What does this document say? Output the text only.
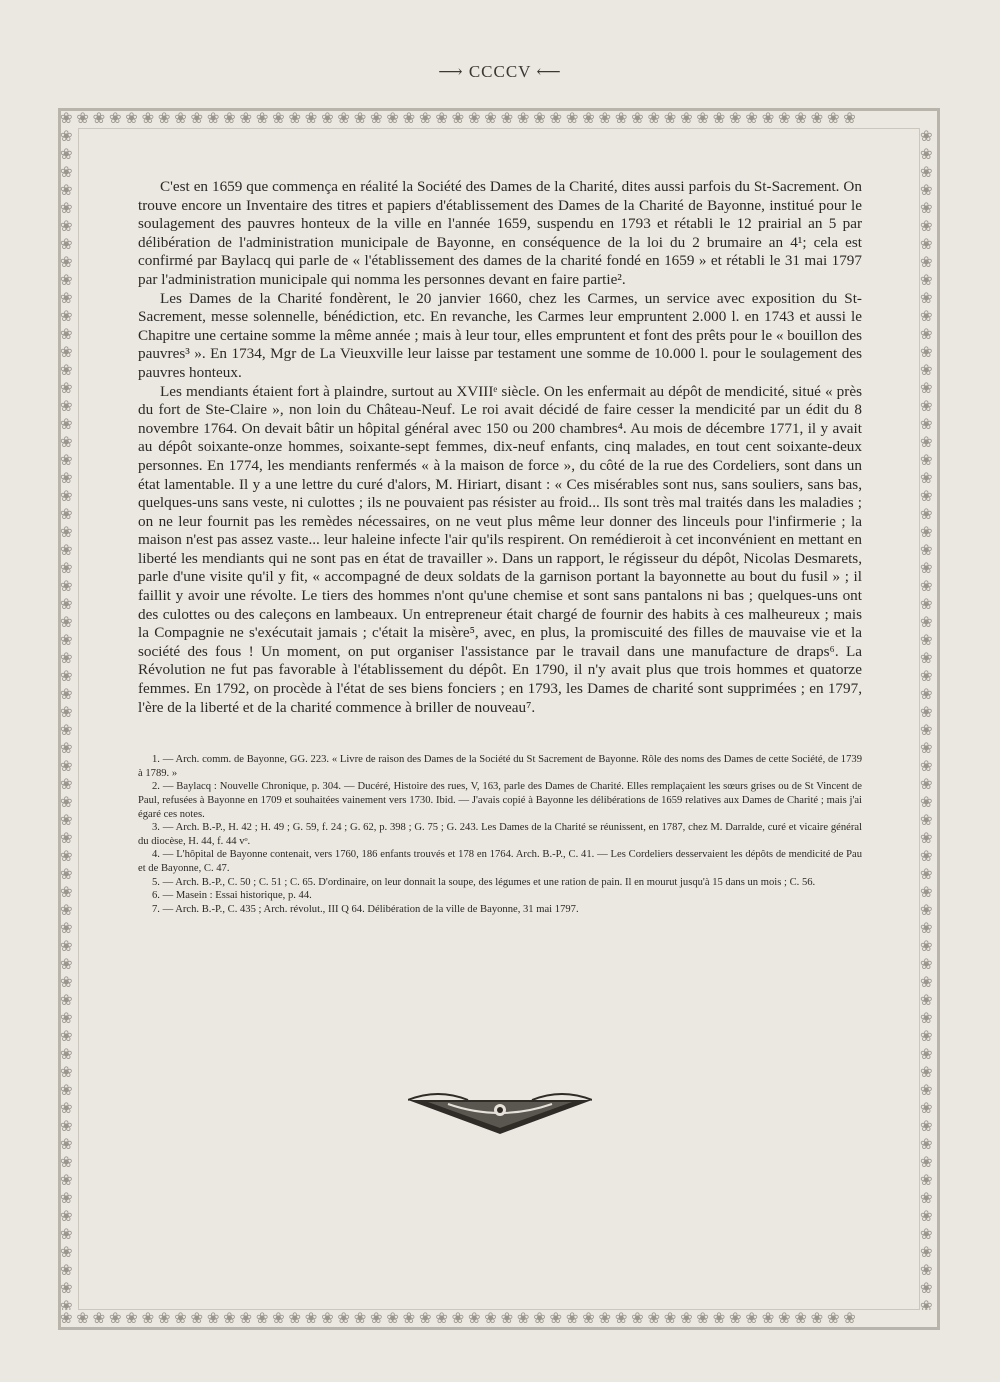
⟶ CCCCV ⟵
❀ ❀ ❀ ❀ ❀ ❀ ❀ ❀ ❀ ❀ ❀ ❀ ❀ ❀ ❀ ❀ ❀ ❀ ❀ ❀ ❀ ❀ ❀ ❀ ❀ ❀ ❀ ❀ ❀ ❀ ❀ ❀ ❀ ❀ ❀ ❀ ❀ ❀ ❀ ❀ ❀ ❀ ❀ ❀ ❀ ❀ ❀ ❀ ❀
❀ ❀ ❀ ❀ ❀ ❀ ❀ ❀ ❀ ❀ ❀ ❀ ❀ ❀ ❀ ❀ ❀ ❀ ❀ ❀ ❀ ❀ ❀ ❀ ❀ ❀ ❀ ❀ ❀ ❀ ❀ ❀ ❀ ❀ ❀ ❀ ❀ ❀ ❀ ❀ ❀ ❀ ❀ ❀ ❀ ❀ ❀ ❀ ❀
❀❀❀❀❀❀❀❀❀❀❀❀❀❀❀❀❀❀❀❀❀❀❀❀❀❀❀❀❀❀❀❀❀❀❀❀❀❀❀❀❀❀❀❀❀❀❀❀❀❀❀❀❀❀❀❀❀❀❀❀❀❀❀❀❀❀
❀❀❀❀❀❀❀❀❀❀❀❀❀❀❀❀❀❀❀❀❀❀❀❀❀❀❀❀❀❀❀❀❀❀❀❀❀❀❀❀❀❀❀❀❀❀❀❀❀❀❀❀❀❀❀❀❀❀❀❀❀❀❀❀❀❀

C'est en 1659 que commença en réalité la Société des Dames de la Charité, dites aussi parfois du St-Sacrement. On trouve encore un Inventaire des titres et papiers d'établissement des Dames de la Charité de Bayonne, institué pour le soulagement des pauvres honteux de la ville en l'année 1659, suspendu en 1793 et rétabli le 12 prairial an 5 par délibération de l'administration municipale de Bayonne, en conséquence de la loi du 2 brumaire an 4¹; cela est confirmé par Baylacq qui parle de « l'établissement des dames de la charité fondé en 1659 » et rétabli le 31 mai 1797 par l'administration municipale qui nomma les personnes devant en faire partie².

Les Dames de la Charité fondèrent, le 20 janvier 1660, chez les Carmes, un service avec exposition du St-Sacrement, messe solennelle, bénédiction, etc. En revanche, les Carmes leur empruntent 2.000 l. en 1743 et aussi le Chapitre une certaine somme la même année ; mais à leur tour, elles empruntent et font des prêts pour le « bouillon des pauvres³ ». En 1734, Mgr de La Vieuxville leur laisse par testament une somme de 10.000 l. pour le soulagement des pauvres honteux.

Les mendiants étaient fort à plaindre, surtout au XVIIIᵉ siècle. On les enfermait au dépôt de mendicité, situé « près du fort de Ste-Claire », non loin du Château-Neuf. Le roi avait décidé de faire cesser la mendicité par un édit du 8 novembre 1764. On devait bâtir un hôpital général avec 150 ou 200 chambres⁴. Au mois de décembre 1771, il y avait au dépôt soixante-onze hommes, soixante-sept femmes, dix-neuf enfants, cinq malades, en tout cent soixante-deux personnes. En 1774, les mendiants renfermés « à la maison de force », du côté de la rue des Cordeliers, sont dans un état lamentable. Il y a une lettre du curé d'alors, M. Hiriart, disant : « Ces misérables sont nus, sans souliers, sans bas, quelques-uns sans veste, ni culottes ; ils ne pouvaient pas résister au froid... Ils sont très mal traités dans les maladies ; on ne leur fournit pas les remèdes nécessaires, on ne veut plus même leur donner des linceuls pour l'infirmerie ; la maison n'est pas assez vaste... leur haleine infecte l'air qu'ils respirent. On remédieroit à cet inconvénient en mettant en liberté les mendiants qui ne sont pas en état de travailler ». Dans un rapport, le régisseur du dépôt, Nicolas Desmarets, parle d'une visite qu'il y fit, « accompagné de deux soldats de la garnison portant la bayonnette au bout du fusil » ; il faillit y avoir une révolte. Le tiers des hommes n'ont qu'une chemise et sont sans pantalons ni bas ; quelques-uns ont des culottes ou des caleçons en lambeaux. Un entrepreneur était chargé de fournir des habits à ces malheureux ; mais la Compagnie ne s'exécutait jamais ; c'était la misère⁵, avec, en plus, la promiscuité des filles de mauvaise vie et la société des fous ! Un moment, on put organiser l'assistance par le travail dans une manufacture de draps⁶. La Révolution ne fut pas favorable à l'établissement du dépôt. En 1790, il n'y avait plus que trois hommes et quatorze femmes. En 1792, on procède à l'état de ses biens fonciers ; en 1793, les Dames de charité sont supprimées ; en 1797, l'ère de la liberté et de la charité commence à briller de nouveau⁷.

1. — Arch. comm. de Bayonne, GG. 223. « Livre de raison des Dames de la Société du St Sacrement de Bayonne. Rôle des noms des Dames de cette Société, de 1739 à 1789. »

2. — Baylacq : Nouvelle Chronique, p. 304. — Ducéré, Histoire des rues, V, 163, parle des Dames de Charité. Elles remplaçaient les sœurs grises ou de St Vincent de Paul, refusées à Bayonne en 1709 et souhaitées vainement vers 1730. Ibid. — J'avais copié à Bayonne les délibérations de 1659 relatives aux Dames de Charité ; mais j'ai égaré ces notes.

3. — Arch. B.-P., H. 42 ; H. 49 ; G. 59, f. 24 ; G. 62, p. 398 ; G. 75 ; G. 243. Les Dames de la Charité se réunissent, en 1787, chez M. Darralde, curé et vicaire général du diocèse, H. 44, f. 44 vᵒ.

4. — L'hôpital de Bayonne contenait, vers 1760, 186 enfants trouvés et 178 en 1764. Arch. B.-P., C. 41. — Les Cordeliers desservaient les dépôts de mendicité de Pau et de Bayonne, C. 47.

5. — Arch. B.-P., C. 50 ; C. 51 ; C. 65. D'ordinaire, on leur donnait la soupe, des légumes et une ration de pain. Il en mourut jusqu'à 15 dans un mois ; C. 56.

6. — Masein : Essai historique, p. 44.

7. — Arch. B.-P., C. 435 ; Arch. révolut., III Q 64. Délibération de la ville de Bayonne, 31 mai 1797.
